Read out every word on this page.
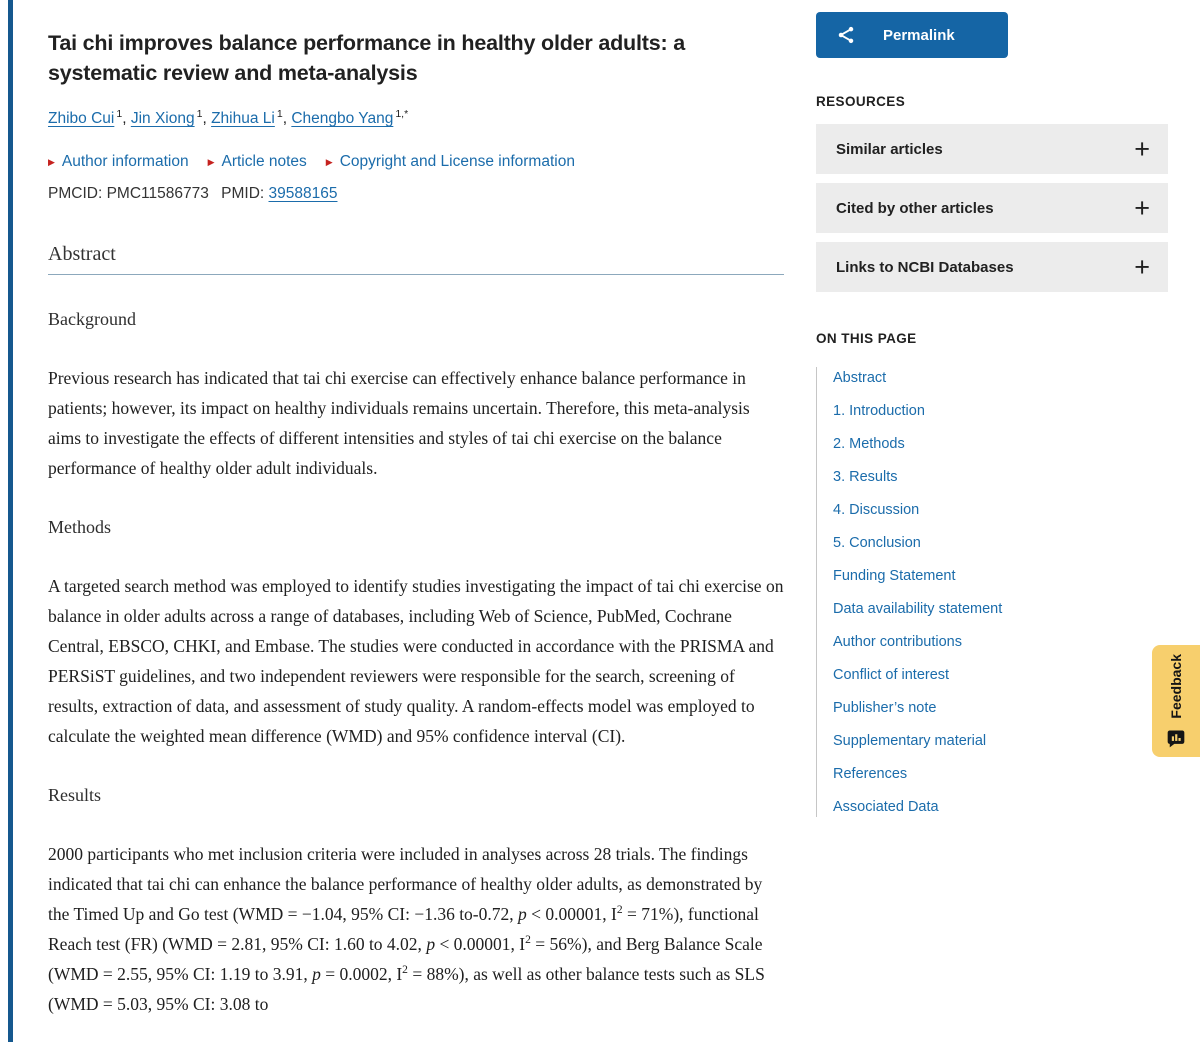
Tai chi improves balance performance in healthy older adults: a systematic review and meta-analysis
Zhibo Cui $^1$, Jin Xiong $^1$, Zhihua Li $^1$, Chengbo Yang $^{1,*}$
▶ Author information ▶ Article notes ▶ Copyright and License information
PMCID: PMC11586773 PMID: 39588165
Abstract
Background

Previous research has indicated that tai chi exercise can effectively enhance balance performance in patients; however, its impact on healthy individuals remains uncertain. Therefore, this meta-analysis aims to investigate the effects of different intensities and styles of tai chi exercise on the balance performance of healthy older adult individuals.

Methods

A targeted search method was employed to identify studies investigating the impact of tai chi exercise on balance in older adults across a range of databases, including Web of Science, PubMed, Cochrane Central, EBSCO, CHKI, and Embase. The studies were conducted in accordance with the PRISMA and PERSiST guidelines, and two independent reviewers were responsible for the search, screening of results, extraction of data, and assessment of study quality. A random-effects model was employed to calculate the weighted mean difference (WMD) and 95% confidence interval (CI).

Results

2000 participants who met inclusion criteria were included in analyses across 28 trials. The findings indicated that tai chi can enhance the balance performance of healthy older adults, as demonstrated by the Timed Up and Go test (WMD = −1.04, 95% CI: −1.36 to-0.72, p < 0.00001, $I^2 = 71\%$), functional Reach test (FR) (WMD = 2.81, 95% CI: 1.60 to 4.02, p < 0.00001, $I^2 = 56\%$), and Berg Balance Scale (WMD = 2.55, 95% CI: 1.19 to 3.91, p = 0.0002, $I^2 = 88\%$), as well as other balance tests such as SLS (WMD = 5.03, 95% CI: 3.08 to

Permalink
RESOURCES
Similar articles	+
Cited by other articles	+
Links to NCBI Databases	+
ON THIS PAGE
Abstract
1. Introduction
2. Methods
3. Results
4. Discussion
5. Conclusion
Funding Statement
Data availability statement
Author contributions
Conflict of interest
Publisher’s note
Supplementary material
References
Associated Data
Feedback
